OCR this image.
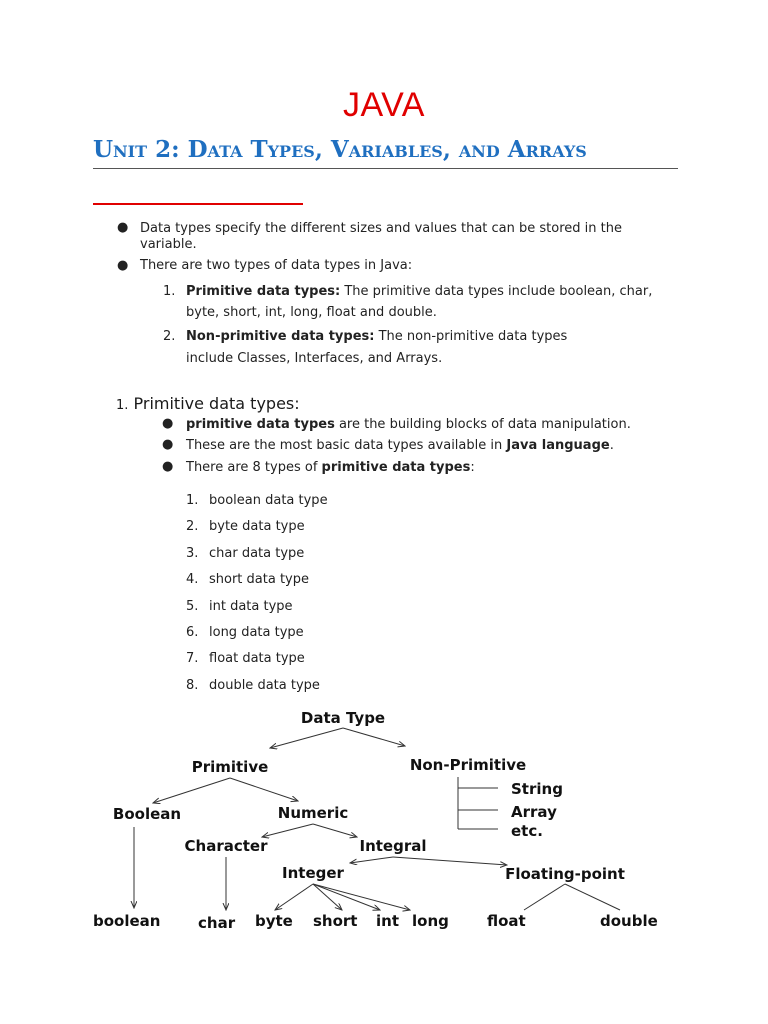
JAVA
Unit 2: Data Types, Variables, and Arrays
● Data types specify the different sizes and values that can be stored in the
variable.
● There are two types of data types in Java:
1. Primitive data types: The primitive data types include boolean, char,
byte, short, int, long, float and double.
2. Non-primitive data types: The non-primitive data types
include Classes, Interfaces, and Arrays.
1. Primitive data types:
● primitive data types are the building blocks of data manipulation.
● These are the most basic data types available in Java language.
● There are 8 types of primitive data types:
1. boolean data type
2. byte data type
3. char data type
4. short data type
5. int data type
6. long data type
7. float data type
8. double data type
Data Type
Primitive	Non-Primitive
String
Array
etc.
Boolean	Numeric
Character	Integral
Integer	Floating-point
boolean	char byte short int long	float	double
